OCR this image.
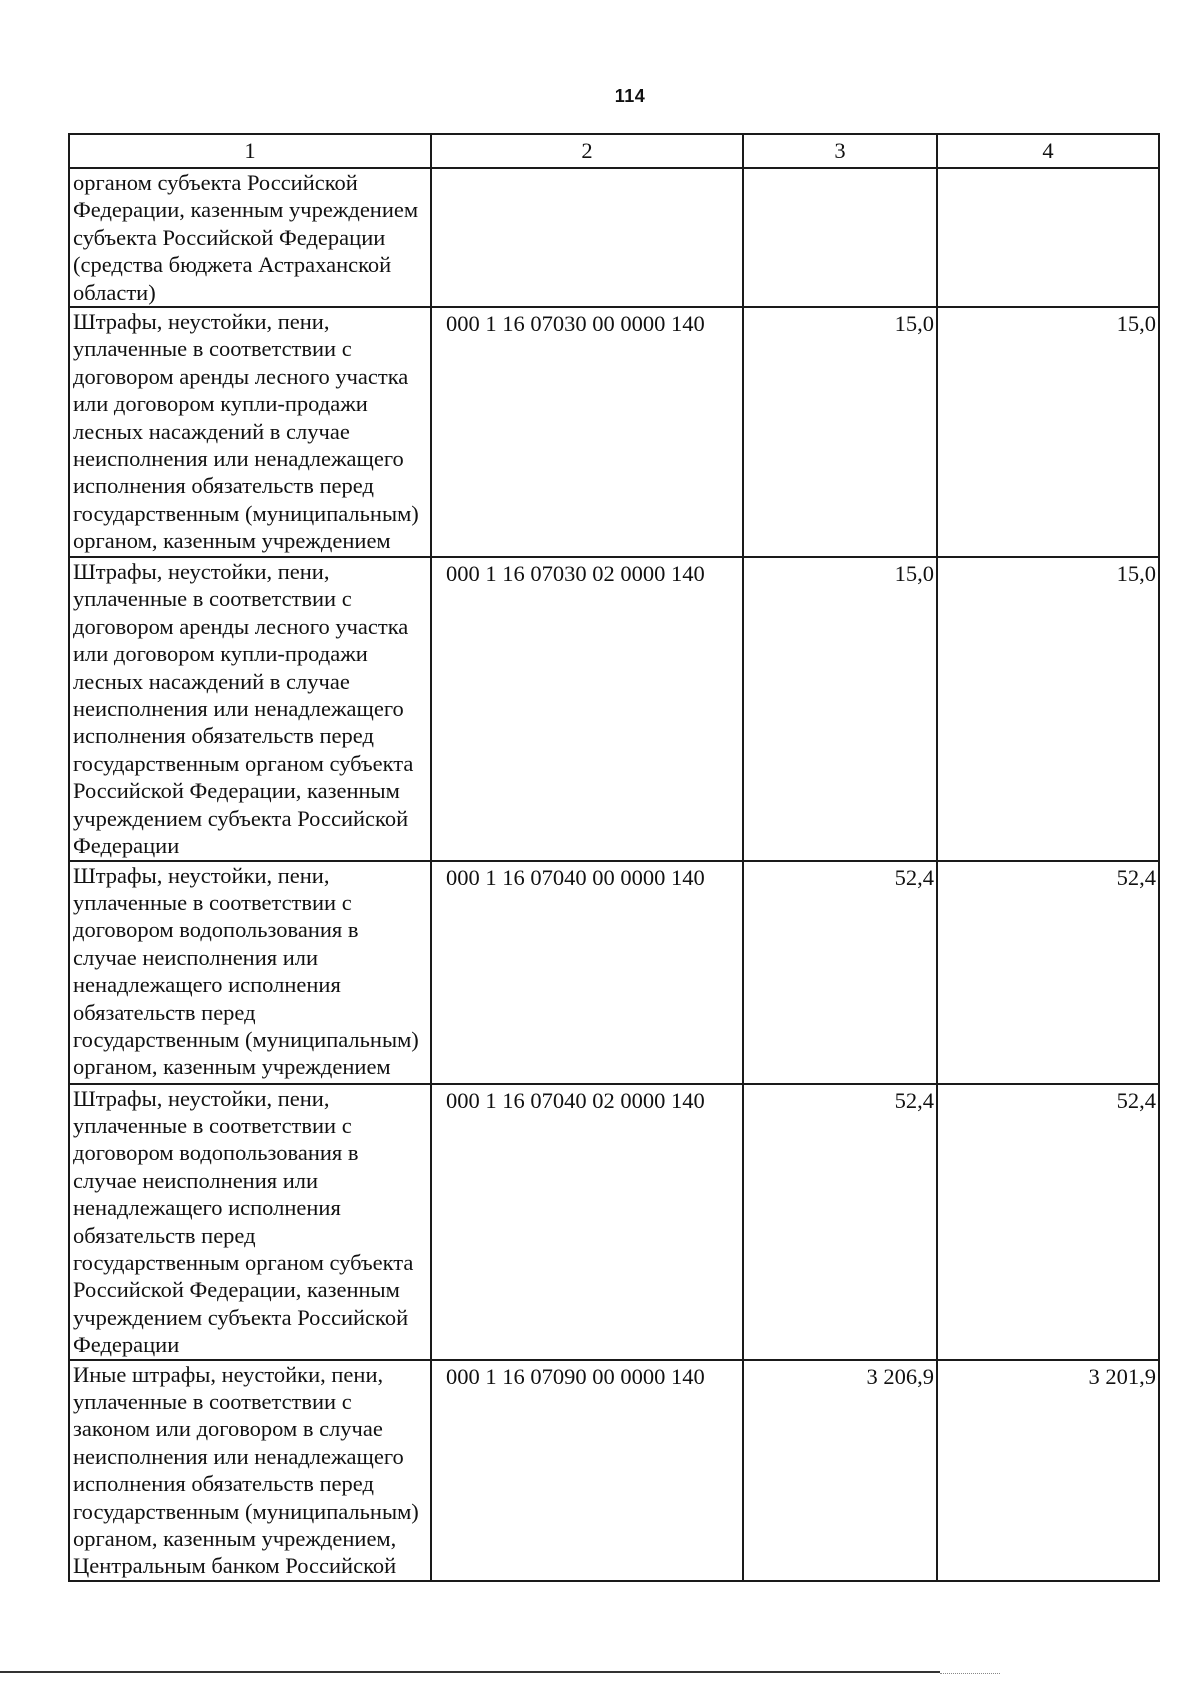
114
1	2	3	4
органом субъекта Российской Федерации, казенным учреждением субъекта Российской Федерации (средства бюджета Астраханской области)			
Штрафы, неустойки, пени, уплаченные в соответствии с договором аренды лесного участка или договором купли-продажи лесных насаждений в случае неисполнения или ненадлежащего исполнения обязательств перед государственным (муниципальным) органом, казенным учреждением	000 1 16 07030 00 0000 140	15,0	15,0
Штрафы, неустойки, пени, уплаченные в соответствии с договором аренды лесного участка или договором купли-продажи лесных насаждений в случае неисполнения или ненадлежащего исполнения обязательств перед государственным органом субъекта Российской Федерации, казенным учреждением субъекта Российской Федерации	000 1 16 07030 02 0000 140	15,0	15,0
Штрафы, неустойки, пени, уплаченные в соответствии с договором водопользования в случае неисполнения или ненадлежащего исполнения обязательств перед государственным (муниципальным) органом, казенным учреждением	000 1 16 07040 00 0000 140	52,4	52,4
Штрафы, неустойки, пени, уплаченные в соответствии с договором водопользования в случае неисполнения или ненадлежащего исполнения обязательств перед государственным органом субъекта Российской Федерации, казенным учреждением субъекта Российской Федерации	000 1 16 07040 02 0000 140	52,4	52,4
Иные штрафы, неустойки, пени, уплаченные в соответствии с законом или договором в случае неисполнения или ненадлежащего исполнения обязательств перед государственным (муниципальным) органом, казенным учреждением, Центральным банком Российской	000 1 16 07090 00 0000 140	3 206,9	3 201,9
